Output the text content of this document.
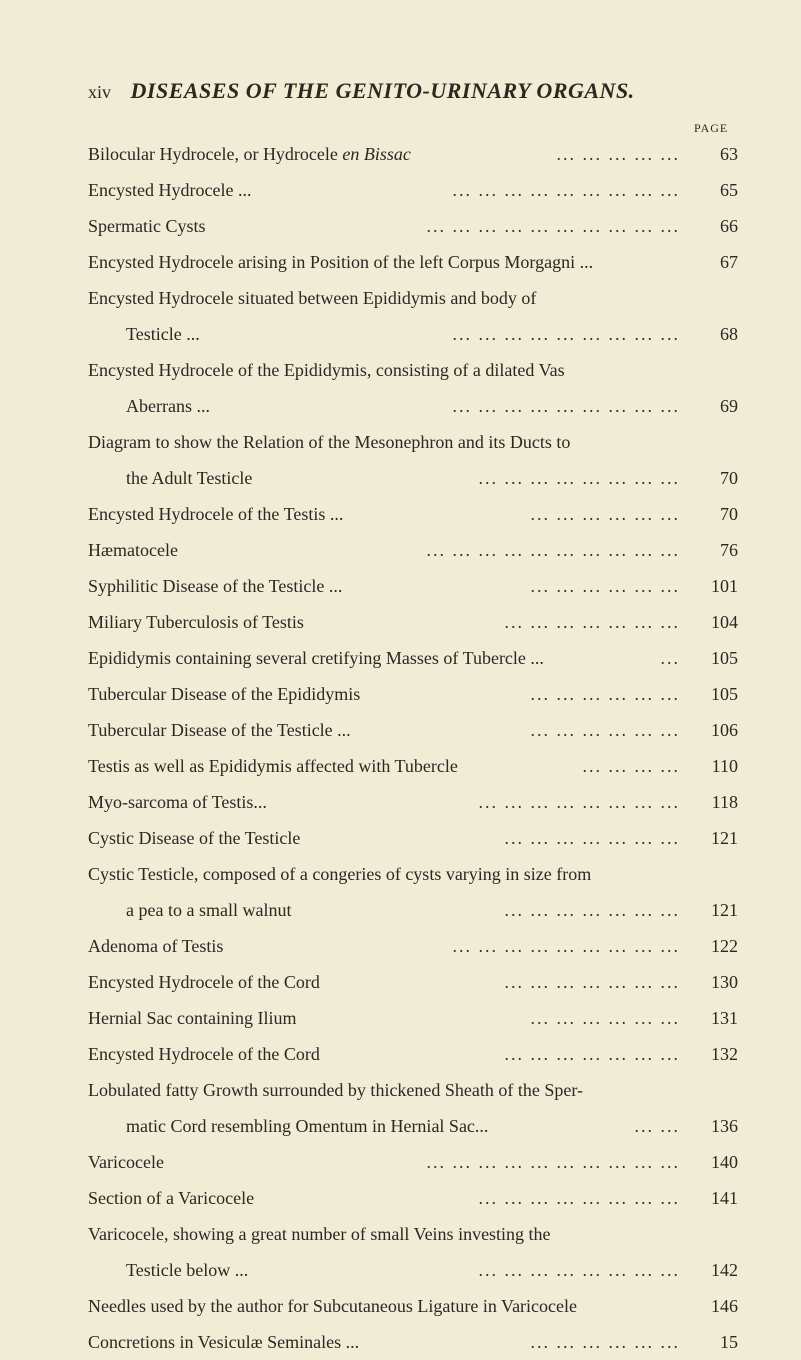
xiv DISEASES OF THE GENITO-URINARY ORGANS.
PAGE
Bilocular Hydrocele, or Hydrocele en Bissac	... ... ... ... ...	63
Encysted Hydrocele ...	... ... ... ... ... ... ... ... ...	65
Spermatic Cysts	... ... ... ... ... ... ... ... ... ...	66
Encysted Hydrocele arising in Position of the left Corpus Morgagni ...	67
Encysted Hydrocele situated between Epididymis and body of
Testicle ...	... ... ... ... ... ... ... ... ...	68
Encysted Hydrocele of the Epididymis, consisting of a dilated Vas
Aberrans ...	... ... ... ... ... ... ... ... ...	69
Diagram to show the Relation of the Mesonephron and its Ducts to
the Adult Testicle	... ... ... ... ... ... ... ...	70
Encysted Hydrocele of the Testis ...	... ... ... ... ... ...	70
Hæmatocele	... ... ... ... ... ... ... ... ... ...	76
Syphilitic Disease of the Testicle ...	... ... ... ... ... ...	101
Miliary Tuberculosis of Testis	... ... ... ... ... ... ...	104
Epididymis containing several cretifying Masses of Tubercle ...	...	105
Tubercular Disease of the Epididymis	... ... ... ... ... ...	105
Tubercular Disease of the Testicle ...	... ... ... ... ... ...	106
Testis as well as Epididymis affected with Tubercle	... ... ... ...	110
Myo-sarcoma of Testis...	... ... ... ... ... ... ... ...	118
Cystic Disease of the Testicle	... ... ... ... ... ... ...	121
Cystic Testicle, composed of a congeries of cysts varying in size from
a pea to a small walnut	... ... ... ... ... ... ...	121
Adenoma of Testis	... ... ... ... ... ... ... ... ...	122
Encysted Hydrocele of the Cord	... ... ... ... ... ... ...	130
Hernial Sac containing Ilium	... ... ... ... ... ...	131
Encysted Hydrocele of the Cord	... ... ... ... ... ... ...	132
Lobulated fatty Growth surrounded by thickened Sheath of the Sper-
matic Cord resembling Omentum in Hernial Sac...	... ...	136
Varicocele	... ... ... ... ... ... ... ... ... ...	140
Section of a Varicocele	... ... ... ... ... ... ... ...	141
Varicocele, showing a great number of small Veins investing the
Testicle below ...	... ... ... ... ... ... ... ...	142
Needles used by the author for Subcutaneous Ligature in Varicocele	146
Concretions in Vesiculæ Seminales ...	... ... ... ... ... ...	15
